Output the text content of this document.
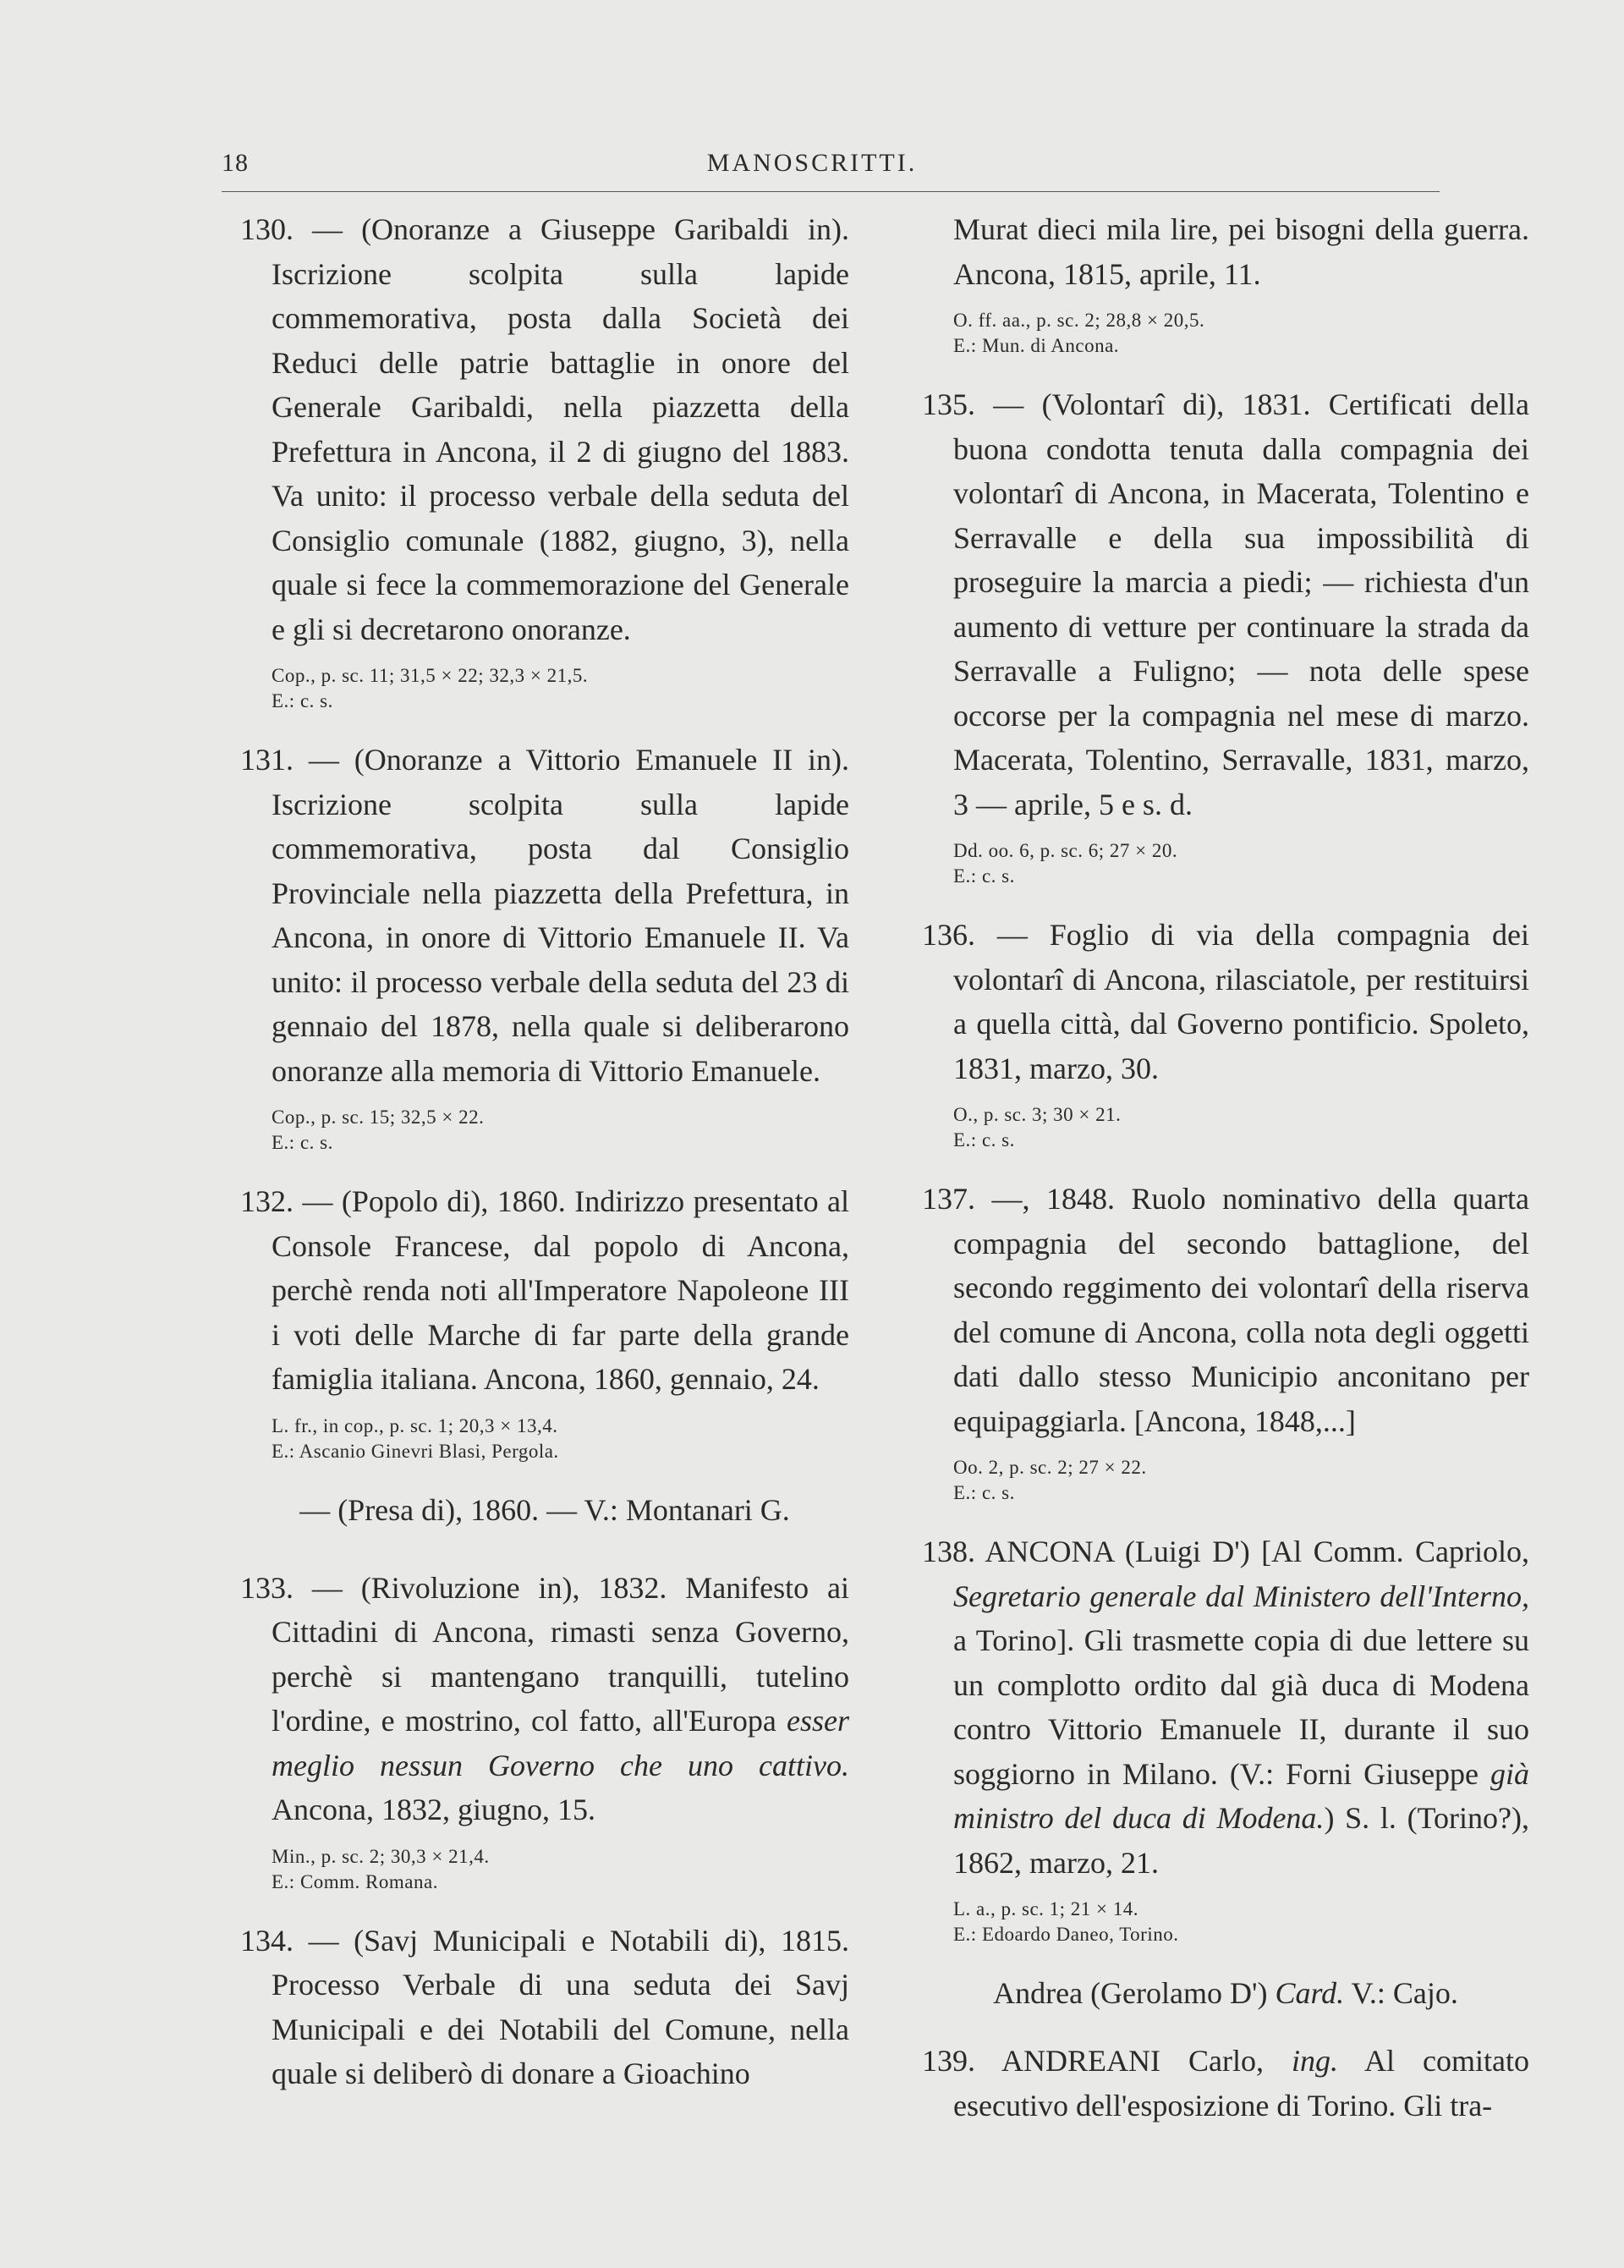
18	MANOSCRITTI.

130. — (Onoranze a Giuseppe Garibaldi in). Iscrizione scolpita sulla lapide commemorativa, posta dalla Società dei Reduci delle patrie battaglie in onore del Generale Garibaldi, nella piazzetta della Prefettura in Ancona, il 2 di giugno del 1883. Va unito: il processo verbale della seduta del Consiglio comunale (1882, giugno, 3), nella quale si fece la commemorazione del Generale e gli si decretarono onoranze.

Cop., p. sc. 11; 31,5 × 22; 32,3 × 21,5.
E.: c. s.

131. — (Onoranze a Vittorio Emanuele II in). Iscrizione scolpita sulla lapide commemorativa, posta dal Consiglio Provinciale nella piazzetta della Prefettura, in Ancona, in onore di Vittorio Emanuele II. Va unito: il processo verbale della seduta del 23 di gennaio del 1878, nella quale si deliberarono onoranze alla memoria di Vittorio Emanuele.

Cop., p. sc. 15; 32,5 × 22.
E.: c. s.

132. — (Popolo di), 1860. Indirizzo presentato al Console Francese, dal popolo di Ancona, perchè renda noti all'Imperatore Napoleone III i voti delle Marche di far parte della grande famiglia italiana. Ancona, 1860, gennaio, 24.

L. fr., in cop., p. sc. 1; 20,3 × 13,4.
E.: Ascanio Ginevri Blasi, Pergola.
— (Presa di), 1860. — V.: Montanari G.

133. — (Rivoluzione in), 1832. Manifesto ai Cittadini di Ancona, rimasti senza Governo, perchè si mantengano tranquilli, tutelino l'ordine, e mostrino, col fatto, all'Europa esser meglio nessun Governo che uno cattivo. Ancona, 1832, giugno, 15.

Min., p. sc. 2; 30,3 × 21,4.
E.: Comm. Romana.

134. — (Savj Municipali e Notabili di), 1815. Processo Verbale di una seduta dei Savj Municipali e dei Notabili del Comune, nella quale si deliberò di donare a Gioachino

Murat dieci mila lire, pei bisogni della guerra. Ancona, 1815, aprile, 11.

O. ff. aa., p. sc. 2; 28,8 × 20,5.
E.: Mun. di Ancona.

135. — (Volontarî di), 1831. Certificati della buona condotta tenuta dalla compagnia dei volontarî di Ancona, in Macerata, Tolentino e Serravalle e della sua impossibilità di proseguire la marcia a piedi; — richiesta d'un aumento di vetture per continuare la strada da Serravalle a Fuligno; — nota delle spese occorse per la compagnia nel mese di marzo. Macerata, Tolentino, Serravalle, 1831, marzo, 3 — aprile, 5 e s. d.

Dd. oo. 6, p. sc. 6; 27 × 20.
E.: c. s.

136. — Foglio di via della compagnia dei volontarî di Ancona, rilasciatole, per restituirsi a quella città, dal Governo pontificio. Spoleto, 1831, marzo, 30.

O., p. sc. 3; 30 × 21.
E.: c. s.

137. —, 1848. Ruolo nominativo della quarta compagnia del secondo battaglione, del secondo reggimento dei volontarî della riserva del comune di Ancona, colla nota degli oggetti dati dallo stesso Municipio anconitano per equipaggiarla. [Ancona, 1848,...]

Oo. 2, p. sc. 2; 27 × 22.
E.: c. s.

138. ANCONA (Luigi D') [Al Comm. Capriolo, Segretario generale dal Ministero dell'Interno, a Torino]. Gli trasmette copia di due lettere su un complotto ordito dal già duca di Modena contro Vittorio Emanuele II, durante il suo soggiorno in Milano. (V.: Forni Giuseppe già ministro del duca di Modena.) S. l. (Torino?), 1862, marzo, 21.

L. a., p. sc. 1; 21 × 14.
E.: Edoardo Daneo, Torino.
Andrea (Gerolamo D') Card. V.: Cajo.

139. ANDREANI Carlo, ing. Al comitato esecutivo dell'esposizione di Torino. Gli tra-
